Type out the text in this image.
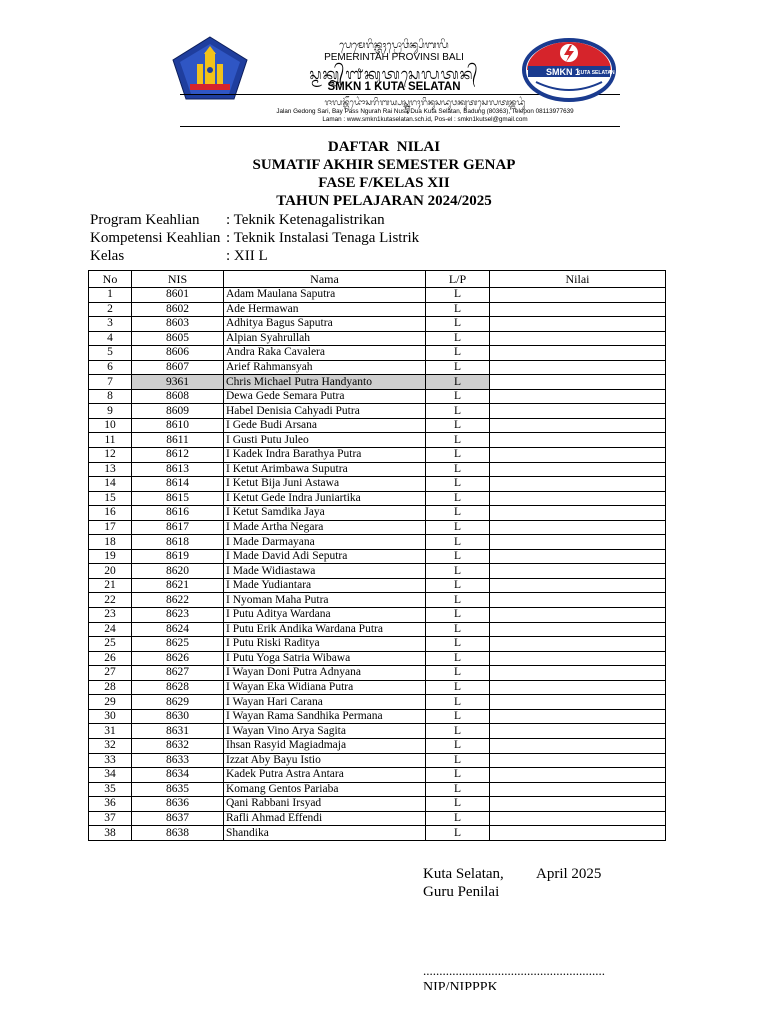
ᬧᬾᬫᬾᬭᬶᬦ᭄ᬢᬄᬧ᭄ᬭᭀᬯᬶᬦ᭄ᬲᬶᬩᬮᬶ
PEMERINTAH PROVINSI BALI
ᬲ᭄ᬫᬓ᭄ᬦ᭄᭑ᬓᬸᬢᬲᬾᬮᬢᬦ᭄
SMKN 1 KUTA SELATAN
ᬚᬮᬦ᭄ᬕᭂᬤᭀᬂᬲᬭᬶᬩᬬ᭄ᬧᬲ᭄ᬦ᭄ᬕᬸᬭᬄᬭᬶᬦᬸᬲᬤᬸᬯᬓᬸᬢᬲᬾᬮᬢᬦ᭄ᬩᬤᬸᬂ
Jalan Gedong Sari, Bay Pass Ngurah Rai Nusa Dua Kuta Selatan, Badung (80363), Telepon 08113977639
Laman : www.smkn1kutaselatan.sch.id, Pos-el : smkn1kutsel@gmail.com
SMKN 1
KUTA SELATAN
DAFTAR  NILAI
SUMATIF AKHIR SEMESTER GENAP
FASE F/KELAS XII
TAHUN PELAJARAN 2024/2025
Program Keahlian	: Teknik Ketenagalistrikan
Kompetensi Keahlian : Teknik Instalasi Tenaga Listrik
Kelas	: XII L
No	NIS	Nama	L/P	Nilai
1	8601	Adam Maulana Saputra	L	
2	8602	Ade Hermawan	L	
3	8603	Adhitya Bagus Saputra	L	
4	8605	Alpian Syahrullah	L	
5	8606	Andra Raka Cavalera	L	
6	8607	Arief Rahmansyah	L	
7	9361	Chris Michael Putra Handyanto	L	
8	8608	Dewa Gede Semara Putra	L	
9	8609	Habel Denisia Cahyadi Putra	L	
10	8610	I Gede Budi Arsana	L	
11	8611	I Gusti Putu Juleo	L	
12	8612	I Kadek Indra Barathya Putra	L	
13	8613	I Ketut Arimbawa Suputra	L	
14	8614	I Ketut Bija Juni Astawa	L	
15	8615	I Ketut Gede Indra Juniartika	L	
16	8616	I Ketut Samdika Jaya	L	
17	8617	I Made Artha Negara	L	
18	8618	I Made Darmayana	L	
19	8619	I Made David Adi Seputra	L	
20	8620	I Made Widiastawa	L	
21	8621	I Made Yudiantara	L	
22	8622	I Nyoman Maha Putra	L	
23	8623	I Putu Aditya Wardana	L	
24	8624	I Putu Erik Andika Wardana Putra	L	
25	8625	I Putu Riski Raditya	L	
26	8626	I Putu Yoga Satria Wibawa	L	
27	8627	I Wayan Doni Putra Adnyana	L	
28	8628	I Wayan Eka Widiana Putra	L	
29	8629	I Wayan Hari Carana	L	
30	8630	I Wayan Rama Sandhika Permana	L	
31	8631	I Wayan Vino Arya Sagita	L	
32	8632	Ihsan Rasyid Magiadmaja	L	
33	8633	Izzat Aby Bayu Istio	L	
34	8634	Kadek Putra Astra Antara	L	
35	8635	Komang Gentos Pariaba	L	
36	8636	Qani Rabbani Irsyad	L	
37	8637	Rafli Ahmad Effendi	L	
38	8638	Shandika	L	
Kuta Selatan,	April 2025
Guru Penilai
........................................................
NIP/NIPPPK
